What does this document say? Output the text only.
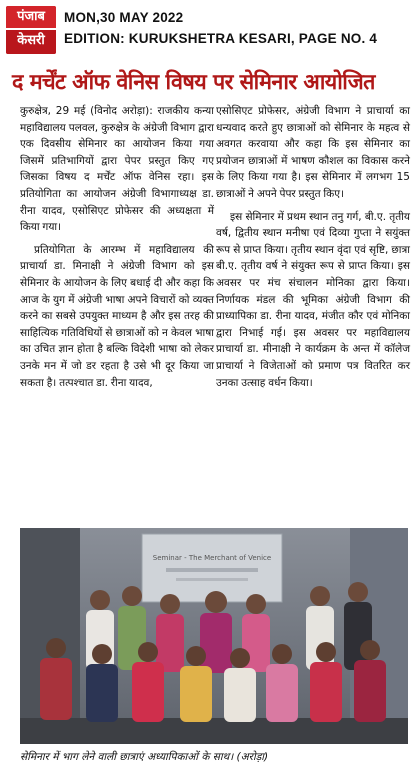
पंजाब
केसरी
MON,30 MAY 2022
EDITION: KURUKSHETRA KESARI, PAGE NO. 4
द मर्चेंट ऑफ वेनिस विषय पर सेमिनार आयोजित

कुरुक्षेत्र, 29 मई (विनोद अरोड़ा): राजकीय कन्या महाविद्यालय पलवल, कुरुक्षेत्र के अंग्रेजी विभाग द्वारा एक दिवसीय सेमिनार का आयोजन किया गया जिसमें प्रतिभागियों द्वारा पेपर प्रस्तुत किए गए जिसका विषय द मर्चेंट ऑफ वेनिस रहा। इस प्रतियोगिता का आयोजन अंग्रेजी विभागाध्यक्ष डा. रीना यादव, एसोसिएट प्रोफेसर की अध्यक्षता में किया गया।

प्रतियोगिता के आरम्भ में महाविद्यालय की प्राचार्या डा. मिनाक्षी ने अंग्रेजी विभाग को इस सेमिनार के आयोजन के लिए बधाई दी और कहा कि आज के युग में अंग्रेजी भाषा अपने विचारों को व्यक्त करने का सबसे उपयुक्त माध्यम है और इस तरह की साहित्यिक गतिविधियों से छात्राओं को न केवल भाषा का उचित ज्ञान होता है बल्कि विदेशी भाषा को लेकर उनके मन में जो डर रहता है उसे भी दूर किया जा सकता है। तत्पश्चात डा. रीना यादव,

एसोसिएट प्रोफेसर, अंग्रेजी विभाग ने प्राचार्या का धन्यवाद करते हुए छात्राओं को सेमिनार के महत्व से अवगत करवाया और कहा कि इस सेमिनार का प्रयोजन छात्राओं में भाषण कौशल का विकास करने के लिए किया गया है। इस सेमिनार में लगभग 15 छात्राओं ने अपने पेपर प्रस्तुत किए।

इस सेमिनार में प्रथम स्थान तनु गर्ग, बी.ए. तृतीय वर्ष, द्वितीय स्थान मनीषा एवं दिव्या गुप्ता ने सयुंक्त रूप से प्राप्त किया। तृतीय स्थान वृंदा एवं सृष्टि, छात्रा बी.ए. तृतीय वर्ष ने संयुक्त रूप से प्राप्त किया। इस अवसर पर मंच संचालन मोनिका द्वारा किया। निर्णायक मंडल की भूमिका अंग्रेजी विभाग की प्राध्यापिका डा. रीना यादव, मंजीत कौर एवं मोनिका द्वारा निभाई गई। इस अवसर पर महाविद्यालय प्राचार्या डा. मीनाक्षी ने कार्यक्रम के अन्त में कॉलेज प्राचार्या ने विजेताओं को प्रमाण पत्र वितरित कर उनका उत्साह वर्धन किया।

Seminar - The Merchant of Venice
सेमिनार में भाग लेने वाली छात्राएं अध्यापिकाओं के साथ। (अरोड़ा)
